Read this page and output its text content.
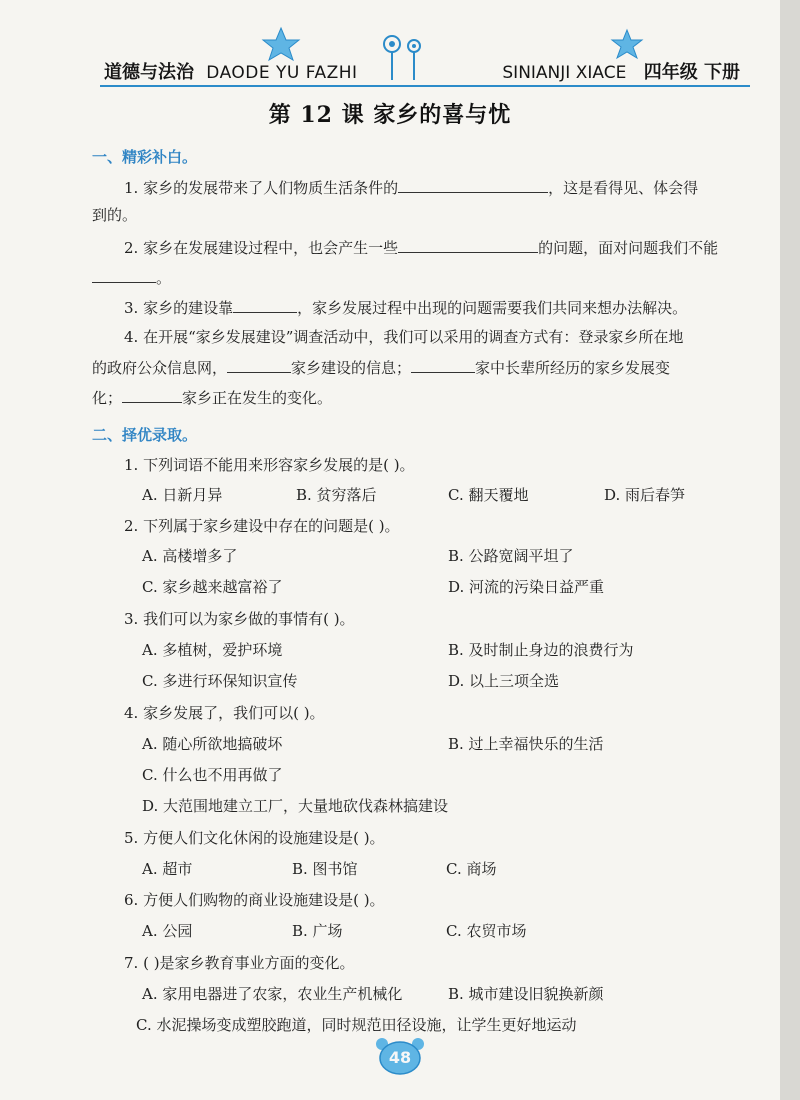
道德与法治 DAODE YU FAZHI	SINIANJI XIACE 四年级 下册
第 12 课 家乡的喜与忧
一、精彩补白。
1. 家乡的发展带来了人们物质生活条件的	，这是看得见、体会得
到的。
2. 家乡在发展建设过程中，也会产生一些	的问题，面对问题我们不能
。
3. 家乡的建设靠	，家乡发展过程中出现的问题需要我们共同来想办法解决。
4. 在开展“家乡发展建设”调查活动中，我们可以采用的调查方式有：登录家乡所在地
的政府公众信息网，	家乡建设的信息；	家中长辈所经历的家乡发展变
化；	家乡正在发生的变化。
二、择优录取。
1. 下列词语不能用来形容家乡发展的是( )。
A. 日新月异	B. 贫穷落后	C. 翻天覆地	D. 雨后春笋
2. 下列属于家乡建设中存在的问题是( )。
A. 高楼增多了	B. 公路宽阔平坦了
C. 家乡越来越富裕了	D. 河流的污染日益严重
3. 我们可以为家乡做的事情有( )。
A. 多植树，爱护环境	B. 及时制止身边的浪费行为
C. 多进行环保知识宣传	D. 以上三项全选
4. 家乡发展了，我们可以( )。
A. 随心所欲地搞破坏	B. 过上幸福快乐的生活
C. 什么也不用再做了
D. 大范围地建立工厂，大量地砍伐森林搞建设
5. 方便人们文化休闲的设施建设是( )。
A. 超市	B. 图书馆	C. 商场
6. 方便人们购物的商业设施建设是( )。
A. 公园	B. 广场	C. 农贸市场
7. ( )是家乡教育事业方面的变化。
A. 家用电器进了农家，农业生产机械化	B. 城市建设旧貌换新颜
C. 水泥操场变成塑胶跑道，同时规范田径设施，让学生更好地运动
48
